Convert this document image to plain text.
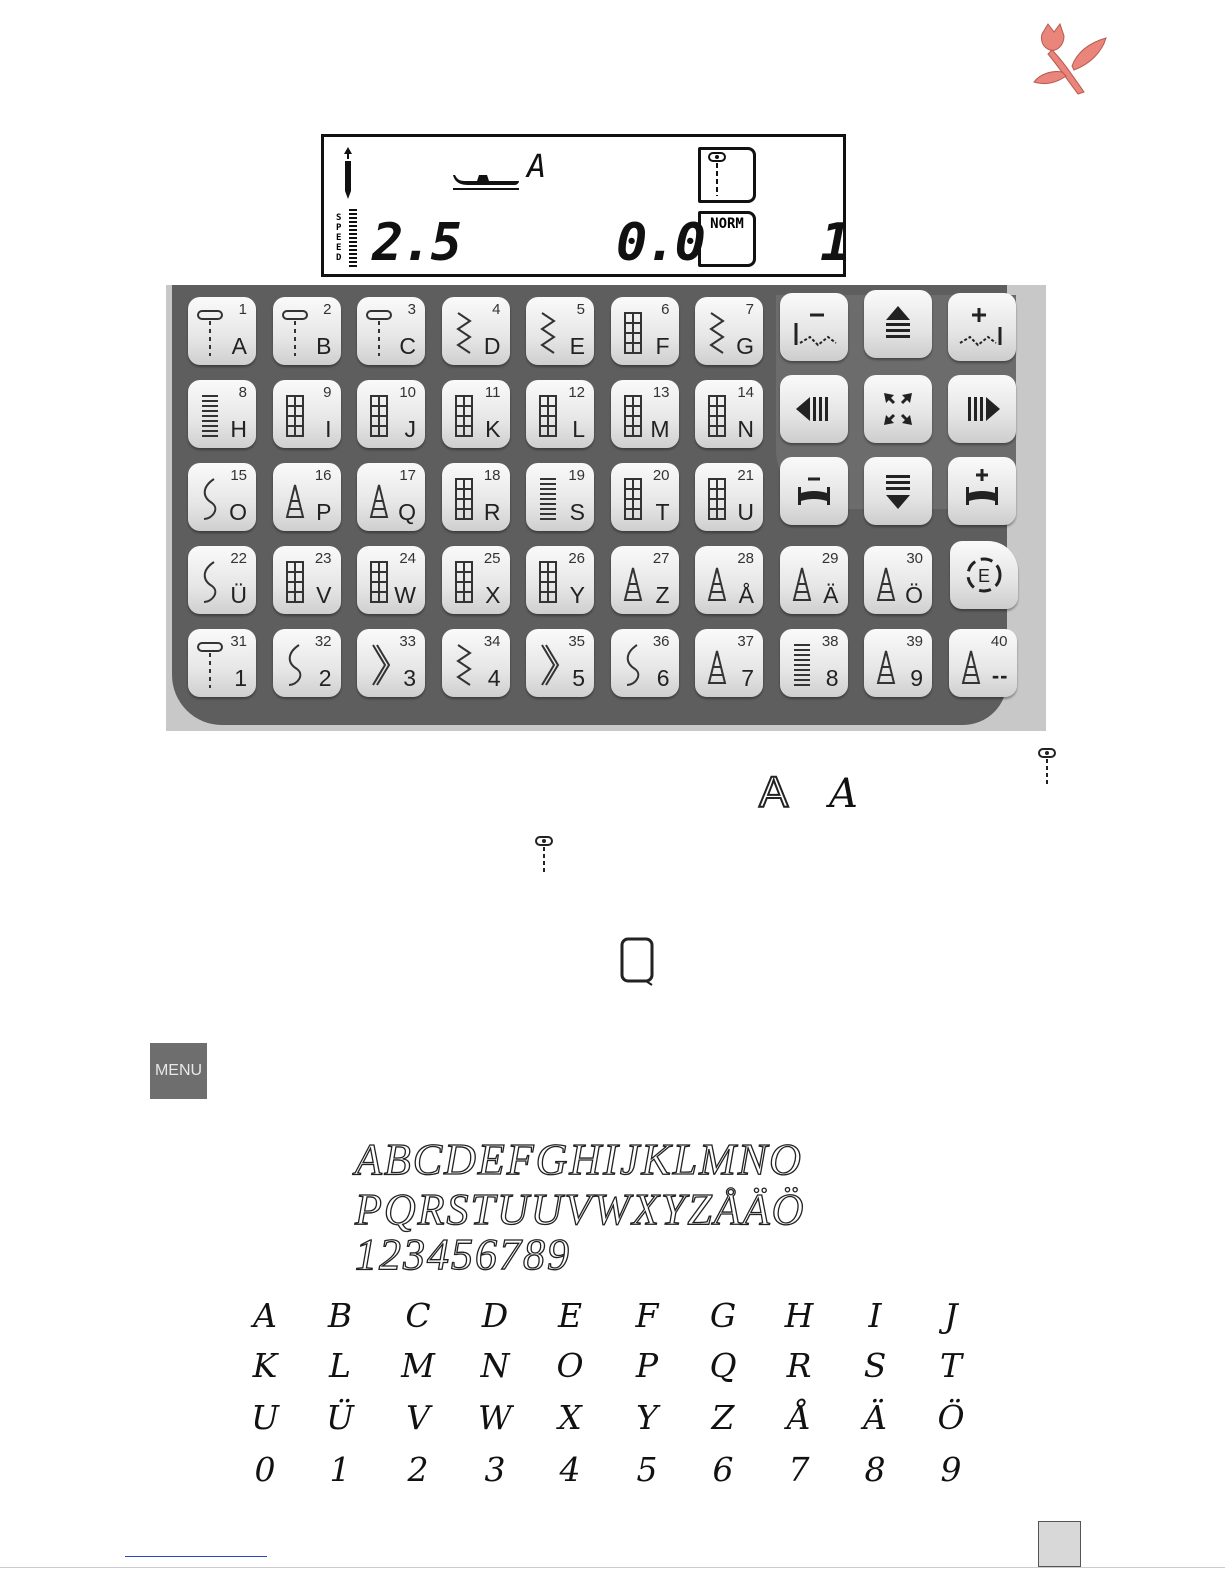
A
SPEED 2.5	0.0 NORM 1
1
A
2
B
3
C
4
D
5
E
6
F
7
G
8
H
9
I
10
J
11
K
12
L
13
M
14
N
15
O
16
P
17
Q
18
R
19
S
20
T
21
U
22
Ü
23
V
24
W
25
X
26
Y
27
Z
28
Å
29
Ä
30
Ö
31
1
32
2
33
3
34
4
35
5
36
6
37
7
38
8
39
9
40
--
E
A A
MENU
ABCDEFGHIJKLMNO
PQRSTUUVWXYZÅÄÖ
123456789
A	B	C	D	E	F	G	H	I	J
K	L	M	N	O	P	Q	R	S	T
U	Ü	V	W	X	Y	Z	Å	Ä	Ö
0	1	2	3	4	5	6	7	8	9
